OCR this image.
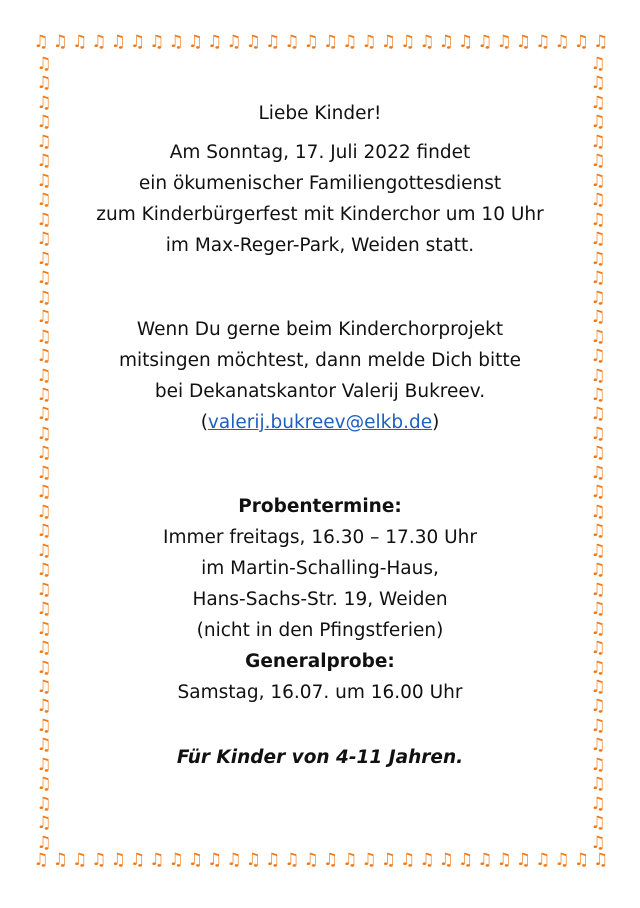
♫ ♫ ♫ ♫ ♫ ♫ ♫ ♫ ♫ ♫ ♫ ♫ ♫ ♫ ♫ ♫ ♫ ♫ ♫ ♫ ♫ ♫ ♫ ♫ ♫ ♫ ♫ ♫ ♫ ♫
♫ ♫ ♫ ♫ ♫ ♫ ♫ ♫ ♫ ♫ ♫ ♫ ♫ ♫ ♫ ♫ ♫ ♫ ♫ ♫ ♫ ♫ ♫ ♫ ♫ ♫ ♫ ♫ ♫ ♫
♫
♫
♫
♫
♫
♫
♫
♫
♫
♫
♫
♫
♫
♫
♫
♫
♫
♫
♫
♫
♫
♫
♫
♫
♫
♫
♫
♫
♫
♫
♫
♫
♫
♫
♫
♫
♫
♫
♫
♫
♫
♫
♫
♫
♫
♫
♫
♫
♫
♫
♫
♫
♫
♫
♫
♫
♫
♫
♫
♫
♫
♫
♫
♫
♫
♫
♫
♫
♫
♫
♫
♫
♫
♫
♫
♫
♫
♫
♫
♫
♫
♫
Liebe Kinder!
Am Sonntag, 17. Juli 2022 findet
ein ökumenischer Familiengottesdienst
zum Kinderbürgerfest mit Kinderchor um 10 Uhr
im Max-Reger-Park, Weiden statt.
Wenn Du gerne beim Kinderchorprojekt
mitsingen möchtest, dann melde Dich bitte
bei Dekanatskantor Valerij Bukreev.
(valerij.bukreev@elkb.de)
Probentermine:
Immer freitags, 16.30 – 17.30 Uhr
im Martin-Schalling-Haus,
Hans-Sachs-Str. 19, Weiden
(nicht in den Pfingstferien)
Generalprobe:
Samstag, 16.07. um 16.00 Uhr
Für Kinder von 4-11 Jahren.
